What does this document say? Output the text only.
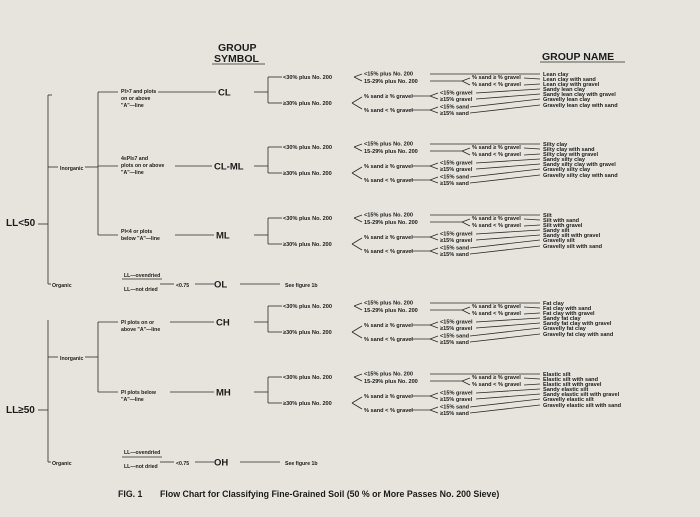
GROUP
SYMBOL	GROUP NAME
LL<50
LL≥50
Inorganic
PI>7 and plots
on or above
"A"—line
4≤PI≤7 and
plots on or above
"A"—line
PI<4 or plots
below "A"—line
Organic
LL—ovendried
LL—not dried
<0.75	See figure 1b
Inorganic
PI plots on or
above "A"—line
PI plots below
"A"—line
Organic
LL—ovendried
LL—not dried	<0.75	See figure 1b
CL
CL-ML
ML
OL
CH
MH
OH
<30% plus No. 200
≥30% plus No. 200
<15% plus No. 200
15-29% plus No. 200
% sand ≥ % gravel
% sand < % gravel
% sand ≥ % gravel
% sand < % gravel
<15% gravel
≥15% gravel
<15% sand
≥15% sand
Lean clay
Lean clay with sand
Lean clay with gravel
Sandy lean clay
Sandy lean clay with gravel
Gravelly lean clay
Gravelly lean clay with sand
<30% plus No. 200
≥30% plus No. 200
<15% plus No. 200
15-29% plus No. 200
% sand ≥ % gravel
% sand < % gravel
% sand ≥ % gravel
% sand < % gravel
<15% gravel
≥15% gravel
<15% sand
≥15% sand
Silty clay
Silty clay with sand
Silty clay with gravel
Sandy silty clay
Sandy silty clay with gravel
Gravelly silty clay
Gravelly silty clay with sand
<30% plus No. 200
≥30% plus No. 200
<15% plus No. 200
15-29% plus No. 200
% sand ≥ % gravel
% sand < % gravel
% sand ≥ % gravel
% sand < % gravel
<15% gravel
≥15% gravel
<15% sand
≥15% sand
Silt
Silt with sand
Silt with gravel
Sandy silt
Sandy silt with gravel
Gravelly silt
Gravelly silt with sand
<30% plus No. 200
≥30% plus No. 200
<15% plus No. 200
15-29% plus No. 200
% sand ≥ % gravel
% sand < % gravel
% sand ≥ % gravel
% sand < % gravel
<15% gravel
≥15% gravel
<15% sand
≥15% sand
Fat clay
Fat clay with sand
Fat clay with gravel
Sandy fat clay
Sandy fat clay with gravel
Gravelly fat clay
Gravelly fat clay with sand
<30% plus No. 200
≥30% plus No. 200
<15% plus No. 200
15-29% plus No. 200
% sand ≥ % gravel
% sand < % gravel
% sand ≥ % gravel
% sand < % gravel
<15% gravel
≥15% gravel
<15% sand
≥15% sand
Elastic silt
Elastic silt with sand
Elastic silt with gravel
Sandy elastic silt
Sandy elastic silt with gravel
Gravelly elastic silt
Gravelly elastic silt with sand
FIG. 1 Flow Chart for Classifying Fine-Grained Soil (50 % or More Passes No. 200 Sieve)
